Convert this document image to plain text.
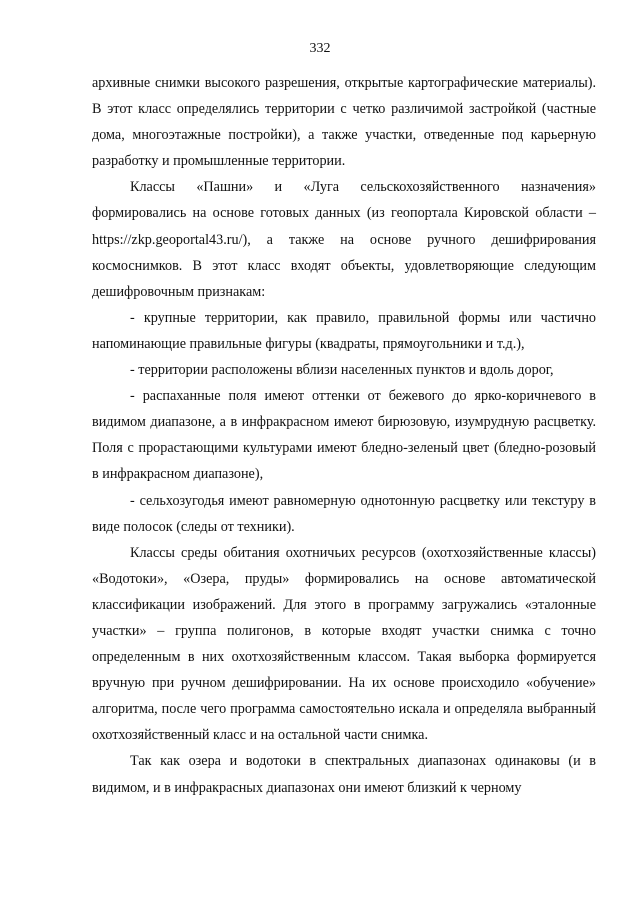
332

архивные снимки высокого разрешения, открытые картографические материалы). В этот класс определялись территории с четко различимой застройкой (частные дома, многоэтажные постройки), а также участки, отведенные под карьерную разработку и промышленные территории.

Классы «Пашни» и «Луга сельскохозяйственного назначения» формировались на основе готовых данных (из геопортала Кировской области – https://zkp.geoportal43.ru/), а также на основе ручного дешифрирования космоснимков. В этот класс входят объекты, удовлетворяющие следующим дешифровочным признакам:

- крупные территории, как правило, правильной формы или частично напоминающие правильные фигуры (квадраты, прямоугольники и т.д.),

- территории расположены вблизи населенных пунктов и вдоль дорог,

- распаханные поля имеют оттенки от бежевого до ярко-коричневого в видимом диапазоне, а в инфракрасном имеют бирюзовую, изумрудную расцветку. Поля с прорастающими культурами имеют бледно-зеленый цвет (бледно-розовый в инфракрасном диапазоне),

- сельхозугодья имеют равномерную однотонную расцветку или текстуру в виде полосок (следы от техники).

Классы среды обитания охотничьих ресурсов (охотхозяйственные классы) «Водотоки», «Озера, пруды» формировались на основе автоматической классификации изображений. Для этого в программу загружались «эталонные участки» – группа полигонов, в которые входят участки снимка с точно определенным в них охотхозяйственным классом. Такая выборка формируется вручную при ручном дешифрировании. На их основе происходило «обучение» алгоритма, после чего программа самостоятельно искала и определяла выбранный охотхозяйственный класс и на остальной части снимка.

Так как озера и водотоки в спектральных диапазонах одинаковы (и в видимом, и в инфракрасных диапазонах они имеют близкий к черному
